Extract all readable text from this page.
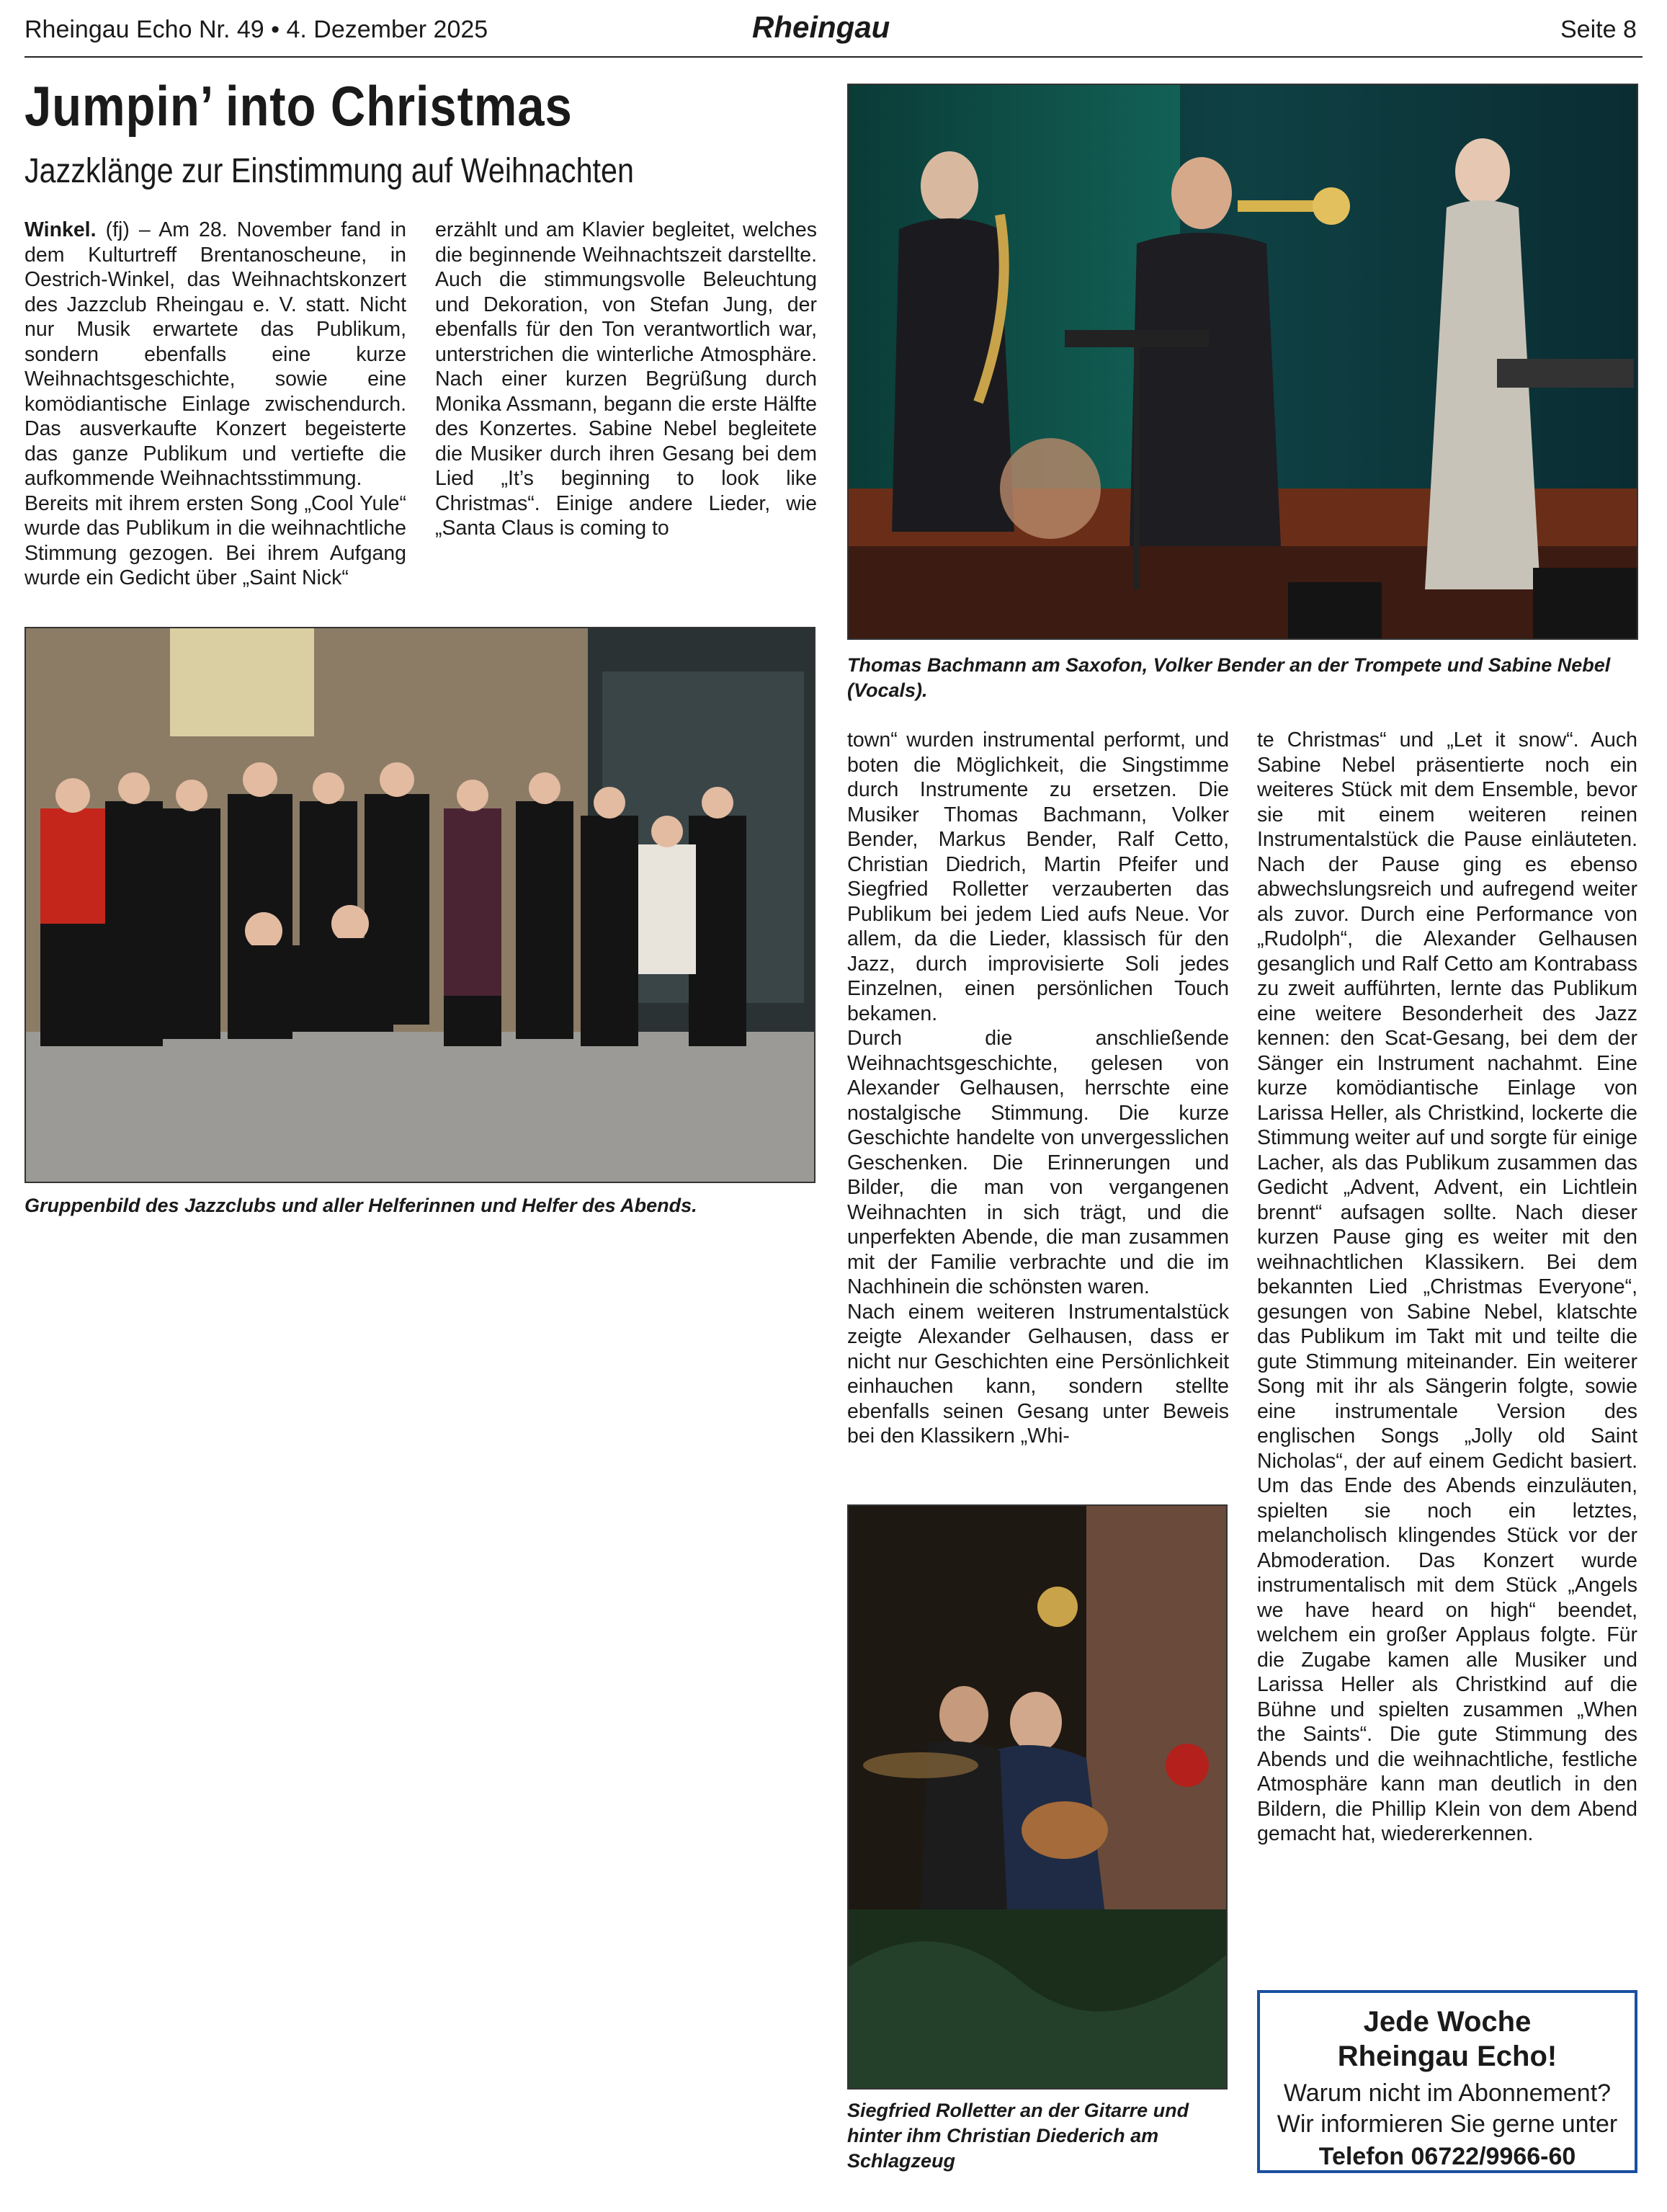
Rheingau Echo Nr. 49 • 4. Dezember 2025	Rheingau	Seite 8
Jumpin’ into Christmas
Jazzklänge zur Einstimmung auf Weihnachten

Winkel. (fj) – Am 28. November fand in dem Kulturtreff Brentanoscheune, in Oestrich-Winkel, das Weihnachtskonzert des Jazzclub Rheingau e. V. statt. Nicht nur Musik erwartete das Publikum, sondern ebenfalls eine kurze Weihnachtsgeschichte, sowie eine komödiantische Einlage zwischendurch. Das ausverkaufte Konzert begeisterte das ganze Publikum und vertiefte die aufkommende Weihnachtsstimmung.

Bereits mit ihrem ersten Song „Cool Yule“ wurde das Publikum in die weihnachtliche Stimmung gezogen. Bei ihrem Aufgang wurde ein Gedicht über „Saint Nick“

erzählt und am Klavier begleitet, welches die beginnende Weihnachtszeit darstellte. Auch die stimmungsvolle Beleuchtung und Dekoration, von Stefan Jung, der ebenfalls für den Ton verantwortlich war, unterstrichen die winterliche Atmosphäre. Nach einer kurzen Begrüßung durch Monika Assmann, begann die erste Hälfte des Konzertes. Sabine Nebel begleitete die Musiker durch ihren Gesang bei dem Lied „It’s beginning to look like Christmas“. Einige andere Lieder, wie „Santa Claus is coming to

Thomas Bachmann am Saxofon, Volker Bender an der Trompete und Sabine Nebel (Vocals).
Gruppenbild des Jazzclubs und aller Helferinnen und Helfer des Abends.

town“ wurden instrumental performt, und boten die Möglichkeit, die Singstimme durch Instrumente zu ersetzen. Die Musiker Thomas Bachmann, Volker Bender, Markus Bender, Ralf Cetto, Christian Diedrich, Martin Pfeifer und Siegfried Rolletter verzauberten das Publikum bei jedem Lied aufs Neue. Vor allem, da die Lieder, klassisch für den Jazz, durch improvisierte Soli jedes Einzelnen, einen persönlichen Touch bekamen.

Durch die anschließende Weihnachtsgeschichte, gelesen von Alexander Gelhausen, herrschte eine nostalgische Stimmung. Die kurze Geschichte handelte von unvergesslichen Geschenken. Die Erinnerungen und Bilder, die man von vergangenen Weihnachten in sich trägt, und die unperfekten Abende, die man zusammen mit der Familie verbrachte und die im Nachhinein die schönsten waren.

Nach einem weiteren Instrumentalstück zeigte Alexander Gelhausen, dass er nicht nur Geschichten eine Persönlichkeit einhauchen kann, sondern stellte ebenfalls seinen Gesang unter Beweis bei den Klassikern „Whi-

Siegfried Rolletter an der Gitarre und hinter ihm Christian Diederich am Schlagzeug

te Christmas“ und „Let it snow“. Auch Sabine Nebel präsentierte noch ein weiteres Stück mit dem Ensemble, bevor sie mit einem weiteren reinen Instrumentalstück die Pause einläuteten. Nach der Pause ging es ebenso abwechslungsreich und aufregend weiter als zuvor. Durch eine Performance von „Rudolph“, die Alexander Gelhausen gesanglich und Ralf Cetto am Kontrabass zu zweit aufführten, lernte das Publikum eine weitere Besonderheit des Jazz kennen: den Scat-Gesang, bei dem der Sänger ein Instrument nachahmt. Eine kurze komödiantische Einlage von Larissa Heller, als Christkind, lockerte die Stimmung weiter auf und sorgte für einige Lacher, als das Publikum zusammen das Gedicht „Advent, Advent, ein Lichtlein brennt“ aufsagen sollte. Nach dieser kurzen Pause ging es weiter mit den weihnachtlichen Klassikern. Bei dem bekannten Lied „Christmas Everyone“, gesungen von Sabine Nebel, klatschte das Publikum im Takt mit und teilte die gute Stimmung miteinander. Ein weiterer Song mit ihr als Sängerin folgte, sowie eine instrumentale Version des englischen Songs „Jolly old Saint Nicholas“, der auf einem Gedicht basiert. Um das Ende des Abends einzuläuten, spielten sie noch ein letztes, melancholisch klingendes Stück vor der Abmoderation. Das Konzert wurde instrumentalisch mit dem Stück „Angels we have heard on high“ beendet, welchem ein großer Applaus folgte. Für die Zugabe kamen alle Musiker und Larissa Heller als Christkind auf die Bühne und spielten zusammen „When the Saints“. Die gute Stimmung des Abends und die weihnachtliche, festliche Atmosphäre kann man deutlich in den Bildern, die Phillip Klein von dem Abend gemacht hat, wiedererkennen.

Jede Woche
Rheingau Echo!
Warum nicht im Abonnement?
Wir informieren Sie gerne unter
Telefon 06722/9966-60
